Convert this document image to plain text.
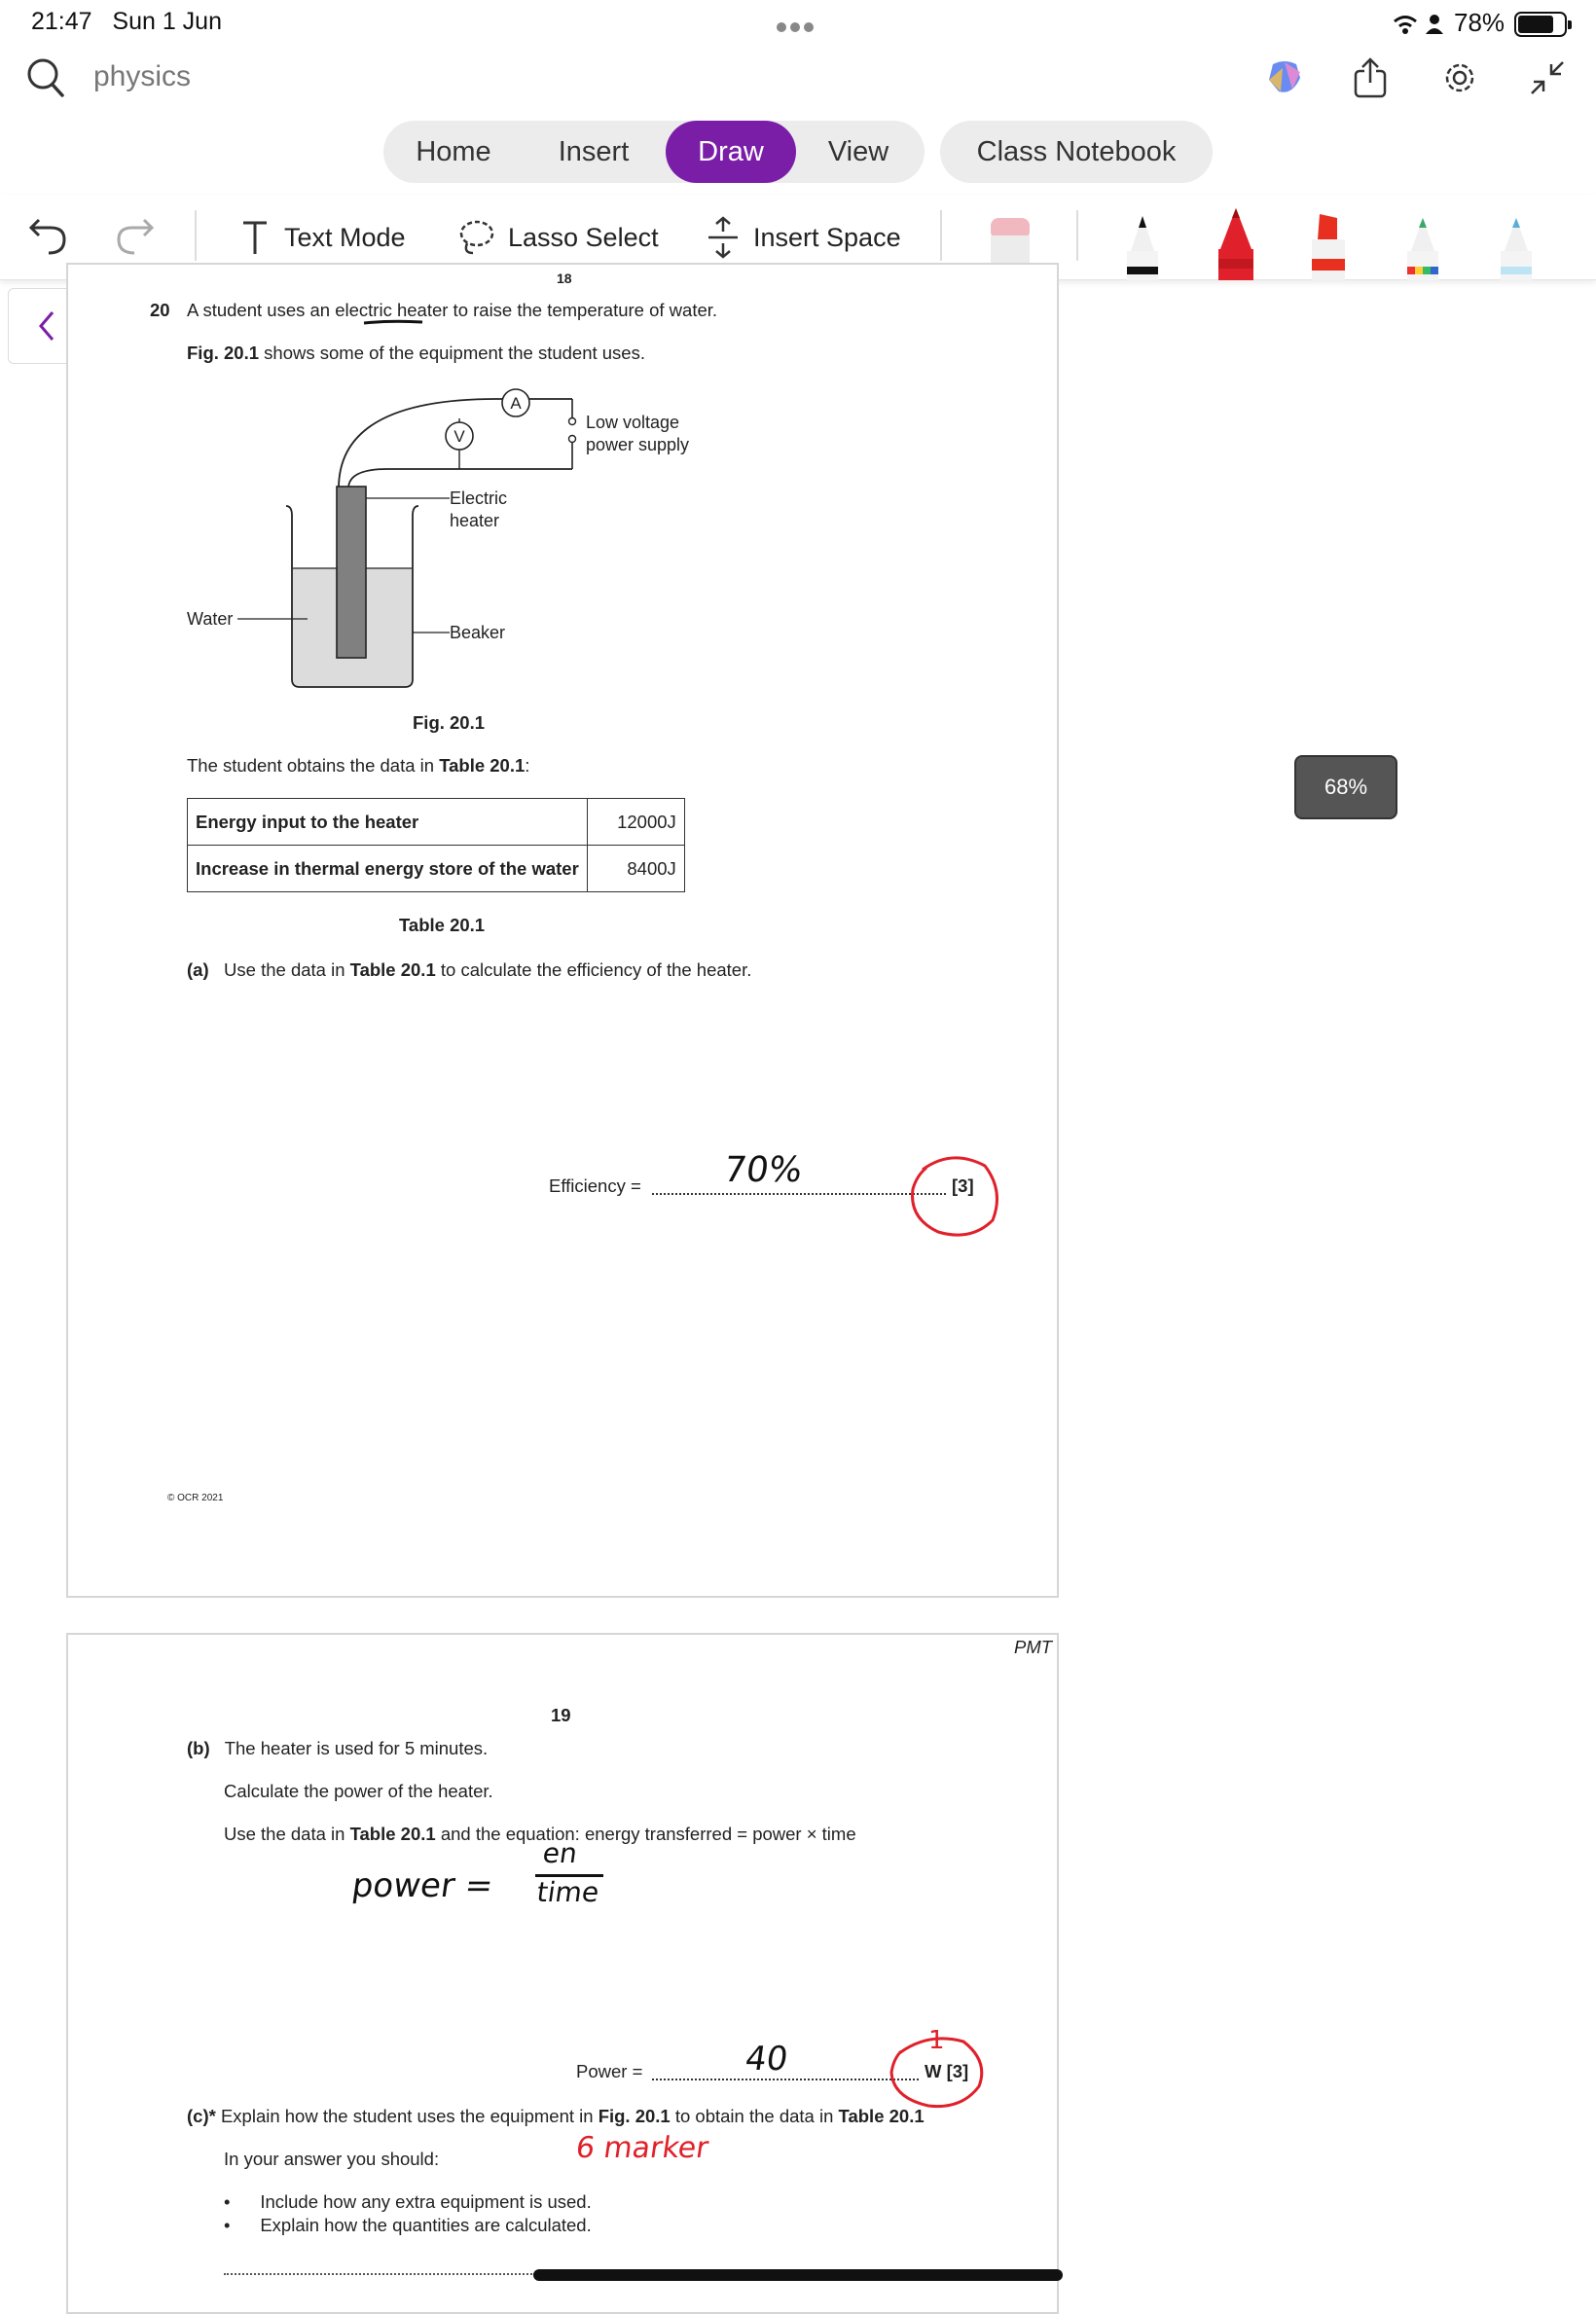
21:47 Sun 1 Jun	78%
physics
Home	Insert	Draw	View	Class Notebook
Text Mode	Lasso Select	Insert Space
18
20 A student uses an electric heater to raise the temperature of water.
Fig. 20.1 shows some of the equipment the student uses.
V
A
Low voltage
power supply
Electric
heater
Water
Beaker
Fig. 20.1
The student obtains the data in Table 20.1:
Energy input to the heater	12000J
Increase in thermal energy store of the water	8400J
Table 20.1
(a) Use the data in Table 20.1 to calculate the efficiency of the heater.
Efficiency =	[3]
70%
© OCR 2021
68%
PMT
19
(b) The heater is used for 5 minutes.
Calculate the power of the heater.
Use the data in Table 20.1 and the equation: energy transferred = power × time
power =
en
time
Power =	W [3]
40	1
(c)* Explain how the student uses the equipment in Fig. 20.1 to obtain the data in Table 20.1
6 marker
In your answer you should:
•      Include how any extra equipment is used.
•      Explain how the quantities are calculated.
